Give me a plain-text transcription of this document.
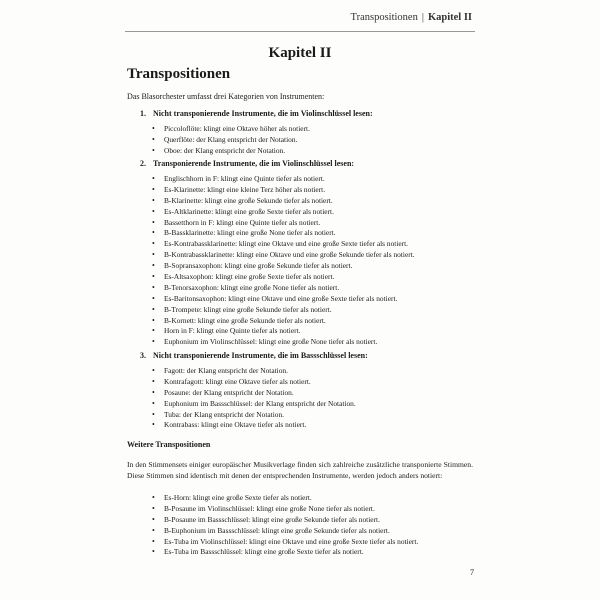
Transpositionen | Kapitel II
Kapitel II
Transpositionen
Das Blasorchester umfasst drei Kategorien von Instrumenten:
1. Nicht transponierende Instrumente, die im Violinschlüssel lesen:
• Piccoloflöte: klingt eine Oktave höher als notiert.
• Querflöte: der Klang entspricht der Notation.
• Oboe: der Klang entspricht der Notation.
2. Transponierende Instrumente, die im Violinschlüssel lesen:
• Englischhorn in F: klingt eine Quinte tiefer als notiert.
• Es-Klarinette: klingt eine kleine Terz höher als notiert.
• B-Klarinette: klingt eine große Sekunde tiefer als notiert.
• Es-Altklarinette: klingt eine große Sexte tiefer als notiert.
• Bassetthorn in F: klingt eine Quinte tiefer als notiert.
• B-Bassklarinette: klingt eine große None tiefer als notiert.
• Es-Kontrabassklarinette: klingt eine Oktave und eine große Sexte tiefer als notiert.
• B-Kontrabassklarinette: klingt eine Oktave und eine große Sekunde tiefer als notiert.
• B-Sopransaxophon: klingt eine große Sekunde tiefer als notiert.
• Es-Altsaxophon: klingt eine große Sexte tiefer als notiert.
• B-Tenorsaxophon: klingt eine große None tiefer als notiert.
• Es-Baritonsaxophon: klingt eine Oktave und eine große Sexte tiefer als notiert.
• B-Trompete: klingt eine große Sekunde tiefer als notiert.
• B-Kornett: klingt eine große Sekunde tiefer als notiert.
• Horn in F: klingt eine Quinte tiefer als notiert.
• Euphonium im Violinschlüssel: klingt eine große None tiefer als notiert.
3. Nicht transponierende Instrumente, die im Bassschlüssel lesen:
• Fagott: der Klang entspricht der Notation.
• Kontrafagott: klingt eine Oktave tiefer als notiert.
• Posaune: der Klang entspricht der Notation.
• Euphonium im Bassschlüssel: der Klang entspricht der Notation.
• Tuba: der Klang entspricht der Notation.
• Kontrabass: klingt eine Oktave tiefer als notiert.
Weitere Transpositionen
In den Stimmensets einiger europäischer Musikverlage finden sich zahlreiche zusätzliche transponierte Stimmen. Diese Stimmen sind identisch mit denen der entsprechenden Instrumente, werden jedoch anders notiert:
• Es-Horn: klingt eine große Sexte tiefer als notiert.
• B-Posaune im Violinschlüssel: klingt eine große None tiefer als notiert.
• B-Posaune im Bassschlüssel: klingt eine große Sekunde tiefer als notiert.
• B-Euphonium im Bassschlüssel: klingt eine große Sekunde tiefer als notiert.
• Es-Tuba im Violinschlüssel: klingt eine Oktave und eine große Sexte tiefer als notiert.
• Es-Tuba im Bassschlüssel: klingt eine große Sexte tiefer als notiert.
7
